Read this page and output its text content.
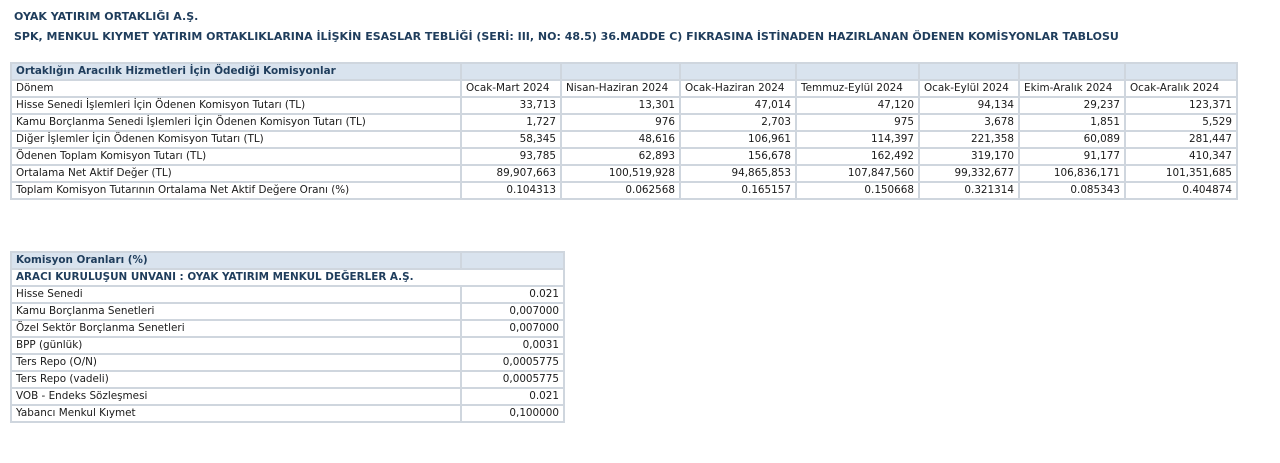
OYAK YATIRIM ORTAKLIĞI A.Ş.
SPK, MENKUL KIYMET YATIRIM ORTAKLIKLARINA İLİŞKİN ESASLAR TEBLİĞİ (SERİ: III, NO: 48.5) 36.MADDE C) FIKRASINA İSTİNADEN HAZIRLANAN ÖDENEN KOMİSYONLAR TABLOSU
Ortaklığın Aracılık Hizmetleri İçin Ödediği Komisyonlar							
Dönem	Ocak-Mart 2024	Nisan-Haziran 2024	Ocak-Haziran 2024	Temmuz-Eylül 2024	Ocak-Eylül 2024	Ekim-Aralık 2024	Ocak-Aralık 2024
Hisse Senedi İşlemleri İçin Ödenen Komisyon Tutarı (TL)	33,713	13,301	47,014	47,120	94,134	29,237	123,371
Kamu Borçlanma Senedi İşlemleri İçin Ödenen Komisyon Tutarı (TL)	1,727	976	2,703	975	3,678	1,851	5,529
Diğer İşlemler İçin Ödenen Komisyon Tutarı (TL)	58,345	48,616	106,961	114,397	221,358	60,089	281,447
Ödenen Toplam Komisyon Tutarı (TL)	93,785	62,893	156,678	162,492	319,170	91,177	410,347
Ortalama Net Aktif Değer (TL)	89,907,663	100,519,928	94,865,853	107,847,560	99,332,677	106,836,171	101,351,685
Toplam Komisyon Tutarının Ortalama Net Aktif Değere Oranı (%)	0.104313	0.062568	0.165157	0.150668	0.321314	0.085343	0.404874
Komisyon Oranları (%)	
ARACI KURULUŞUN UNVANI : OYAK YATIRIM MENKUL DEĞERLER A.Ş.	
Hisse Senedi	0.021
Kamu Borçlanma Senetleri	0,007000
Özel Sektör Borçlanma Senetleri	0,007000
BPP (günlük)	0,0031
Ters Repo (O/N)	0,0005775
Ters Repo (vadeli)	0,0005775
VOB - Endeks Sözleşmesi	0.021
Yabancı Menkul Kıymet	0,100000
